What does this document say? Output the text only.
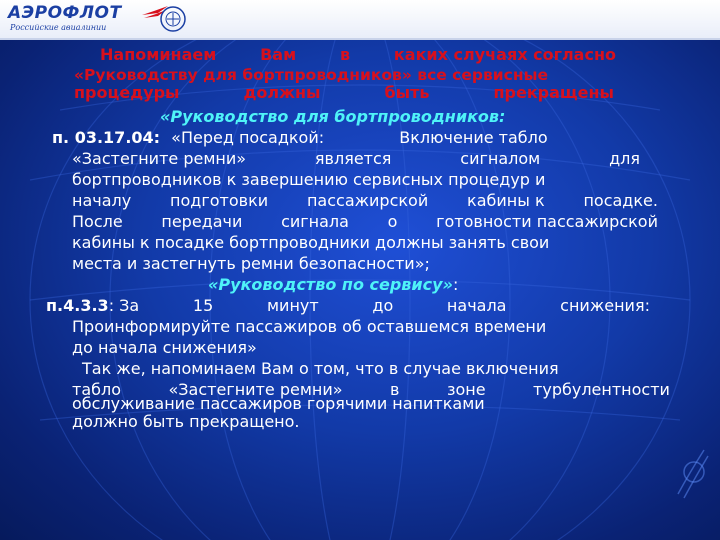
АЭРОФЛОТ
Российские авиалинии
Напоминаем	Вам	в	каких случаях согласно
«Руководству для бортпроводников» все сервисные
процедуры	должны	быть	прекращены
«Руководство для бортпроводников:
п. 03.17.04: «Перед посадкой:	Включение табло
«Застегните ремни»	является	сигналом	для
бортпроводников к завершению сервисных процедур и
началу подготовки пассажирской кабины к посадке.
После передачи сигнала о готовности пассажирской
кабины к посадке бортпроводники должны занять свои
места и застегнуть ремни безопасности»;
«Руководство по сервису»:
п.4.3.3: За	15	минут	до	начала	снижения:
Проинформируйте пассажиров об оставшемся времени
до начала снижения»
Так же, напоминаем Вам о том, что в случае включения
табло	«Застегните ремни»	в	зоне	турбулентности
обслуживание пассажиров горячими напитками
должно быть прекращено.
